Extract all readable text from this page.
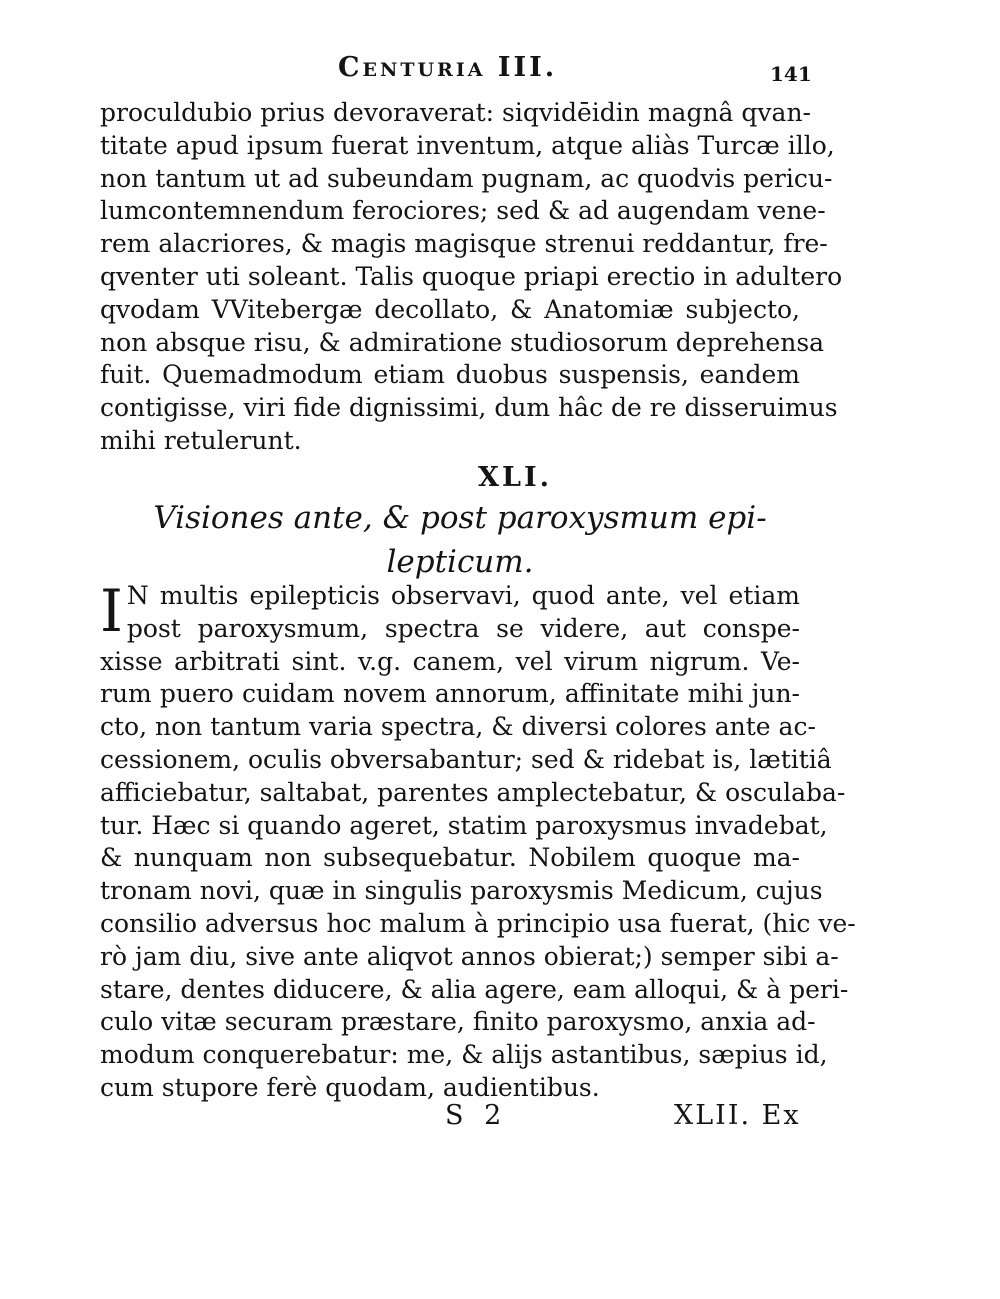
Centuria III.	141
proculdubio prius devoraverat: siqvidēidin magnâ qvan-
titate apud ipsum fuerat inventum, atque aliàs Turcæ illo,
non tantum ut ad subeundam pugnam, ac quodvis pericu-
lumcontemnendum ferociores; sed & ad augendam vene-
rem alacriores, & magis magisque strenui reddantur, fre-
qventer uti soleant. Talis quoque priapi erectio in adultero
qvodam VVitebergæ decollato, & Anatomiæ subjecto,
non absque risu, & admiratione studiosorum deprehensa
fuit. Quemadmodum etiam duobus suspensis, eandem
contigisse, viri fide dignissimi, dum hâc de re disseruimus
mihi retulerunt.
XLI.
Visiones ante, & post paroxysmum epi-
lepticum.
I N multis epilepticis observavi, quod ante, vel etiam
post paroxysmum, spectra se videre, aut conspe-
xisse arbitrati sint. v.g. canem, vel virum nigrum. Ve-
rum puero cuidam novem annorum, affinitate mihi jun-
cto, non tantum varia spectra, & diversi colores ante ac-
cessionem, oculis obversabantur; sed & ridebat is, lætitiâ
afficiebatur, saltabat, parentes amplectebatur, & osculaba-
tur. Hæc si quando ageret, statim paroxysmus invadebat,
& nunquam non subsequebatur. Nobilem quoque ma-
tronam novi, quæ in singulis paroxysmis Medicum, cujus
consilio adversus hoc malum à principio usa fuerat, (hic ve-
rò jam diu, sive ante aliqvot annos obierat;) semper sibi a-
stare, dentes diducere, & alia agere, eam alloqui, & à peri-
culo vitæ securam præstare, finito paroxysmo, anxia ad-
modum conquerebatur: me, & alijs astantibus, sæpius id,
cum stupore ferè quodam, audientibus.
S 2	XLII. Ex
